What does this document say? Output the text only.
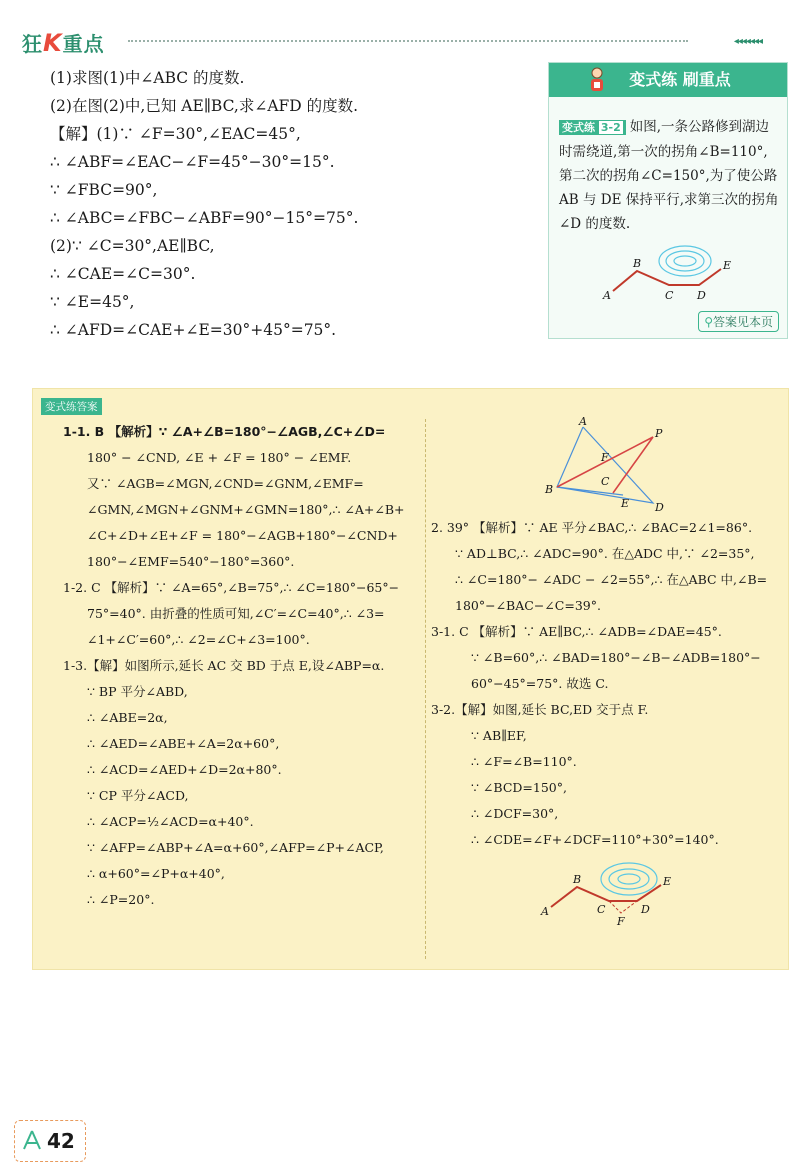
狂K重点	◂◂◂◂◂◂◂
(1)求图(1)中∠ABC 的度数.
(2)在图(2)中,已知 AE∥BC,求∠AFD 的度数.
【解】(1)∵ ∠F=30°,∠EAC=45°,
∴ ∠ABF=∠EAC−∠F=45°−30°=15°.
∵ ∠FBC=90°,
∴ ∠ABC=∠FBC−∠ABF=90°−15°=75°.
(2)∵ ∠C=30°,AE∥BC,
∴ ∠CAE=∠C=30°.
∵ ∠E=45°,
∴ ∠AFD=∠CAE+∠E=30°+45°=75°.
变式练 刷重点
变式练 3-2 如图,一条公路修到湖边时需绕道,第一次的拐角∠B=110°,第二次的拐角∠C=150°,为了使公路 AB 与 DE 保持平行,求第三次的拐角∠D 的度数.
A
B
C D
E
⚲答案见本页
变式练答案
1-1. B 【解析】∵ ∠A+∠B=180°−∠AGB,∠C+∠D=
180° − ∠CND, ∠E + ∠F = 180° − ∠EMF.
又∵ ∠AGB=∠MGN,∠CND=∠GNM,∠EMF=
∠GMN,∠MGN+∠GNM+∠GMN=180°,∴ ∠A+∠B+
∠C+∠D+∠E+∠F = 180°−∠AGB+180°−∠CND+
180°−∠EMF=540°−180°=360°.
1-2. C 【解析】∵ ∠A=65°,∠B=75°,∴ ∠C=180°−65°−
75°=40°. 由折叠的性质可知,∠C′=∠C=40°,∴ ∠3=
∠1+∠C′=60°,∴ ∠2=∠C+∠3=100°.
1-3.【解】如图所示,延长 AC 交 BD 于点 E,设∠ABP=α.
∵ BP 平分∠ABD,
∴ ∠ABE=2α,
∴ ∠AED=∠ABE+∠A=2α+60°,
∴ ∠ACD=∠AED+∠D=2α+80°.
∵ CP 平分∠ACD,
∴ ∠ACP=½∠ACD=α+40°.
∵ ∠AFP=∠ABP+∠A=α+60°,∠AFP=∠P+∠ACP,
∴ α+60°=∠P+α+40°,
∴ ∠P=20°.
A
P
F
C
B
E D
2. 39° 【解析】∵ AE 平分∠BAC,∴ ∠BAC=2∠1=86°.
∵ AD⊥BC,∴ ∠ADC=90°. 在△ADC 中,∵ ∠2=35°,
∴ ∠C=180°− ∠ADC − ∠2=55°,∴ 在△ABC 中,∠B=
180°−∠BAC−∠C=39°.
3-1. C 【解析】∵ AE∥BC,∴ ∠ADB=∠DAE=45°.
∵ ∠B=60°,∴ ∠BAD=180°−∠B−∠ADB=180°−
60°−45°=75°. 故选 C.
3-2.【解】如图,延长 BC,ED 交于点 F.
∵ AB∥EF,
∴ ∠F=∠B=110°.
∵ ∠BCD=150°,
∴ ∠DCF=30°,
∴ ∠CDE=∠F+∠DCF=110°+30°=140°.
A
B
C	D
E
F
42
